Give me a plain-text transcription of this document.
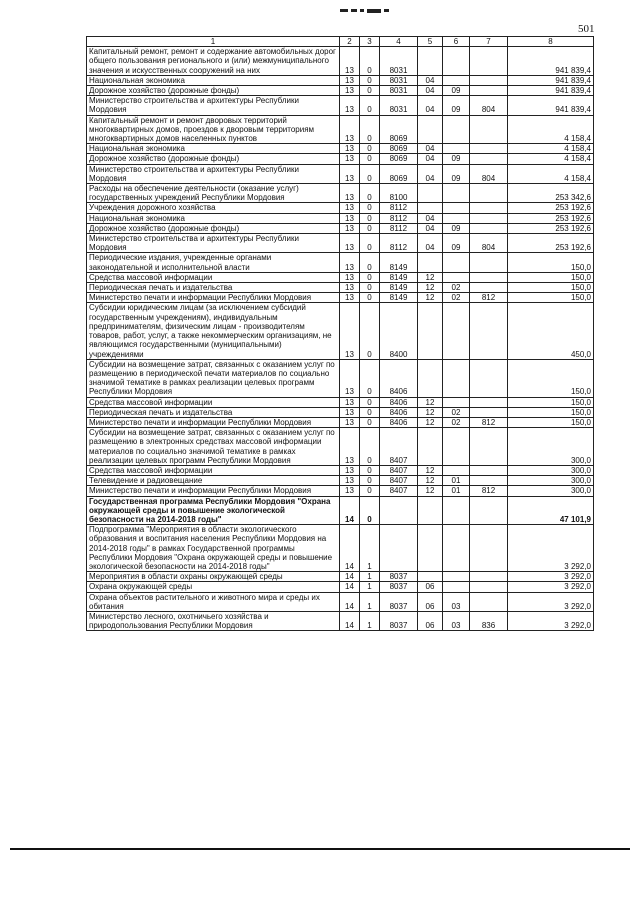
501
1	2	3	4	5	6	7	8
Капитальный ремонт, ремонт и содержание автомобильных дорог общего пользования регионального и (или) межмуниципального значения и искусственных сооружений на них	13	0	8031				941 839,4
Национальная экономика	13	0	8031	04			941 839,4
Дорожное хозяйство (дорожные фонды)	13	0	8031	04	09		941 839,4
Министерство строительства и архитектуры Республики Мордовия	13	0	8031	04	09	804	941 839,4
Капитальный ремонт и ремонт дворовых территорий многоквартирных домов, проездов к дворовым территориям многоквартирных домов населенных пунктов	13	0	8069				4 158,4
Национальная экономика	13	0	8069	04			4 158,4
Дорожное хозяйство (дорожные фонды)	13	0	8069	04	09		4 158,4
Министерство строительства и архитектуры Республики Мордовия	13	0	8069	04	09	804	4 158,4
Расходы на обеспечение деятельности (оказание услуг) государственных учреждений Республики Мордовия	13	0	8100				253 342,6
Учреждения дорожного хозяйства	13	0	8112				253 192,6
Национальная экономика	13	0	8112	04			253 192,6
Дорожное хозяйство (дорожные фонды)	13	0	8112	04	09		253 192,6
Министерство строительства и архитектуры Республики Мордовия	13	0	8112	04	09	804	253 192,6
Периодические издания, учрежденные органами законодательной и исполнительной власти	13	0	8149				150,0
Средства массовой информации	13	0	8149	12			150,0
Периодическая печать и издательства	13	0	8149	12	02		150,0
Министерство печати и информации Республики Мордовия	13	0	8149	12	02	812	150,0
Субсидии юридическим лицам (за исключением субсидий государственным учреждениям), индивидуальным предпринимателям, физическим лицам - производителям товаров, работ, услуг, а также некоммерческим организациям, не являющимся государственными (муниципальными) учреждениями	13	0	8400				450,0
Субсидии на возмещение затрат, связанных с оказанием услуг по размещению в периодической печати материалов по социально значимой тематике в рамках реализации целевых программ Республики Мордовия	13	0	8406				150,0
Средства массовой информации	13	0	8406	12			150,0
Периодическая печать и издательства	13	0	8406	12	02		150,0
Министерство печати и информации Республики Мордовия	13	0	8406	12	02	812	150,0
Субсидии на возмещение затрат, связанных с оказанием услуг по размещению в электронных средствах массовой информации материалов по социально значимой тематике в рамках реализации целевых программ Республики Мордовия	13	0	8407				300,0
Средства массовой информации	13	0	8407	12			300,0
Телевидение и радиовещание	13	0	8407	12	01		300,0
Министерство печати и информации Республики Мордовия	13	0	8407	12	01	812	300,0
Государственная программа Республики Мордовия "Охрана окружающей среды и повышение экологической безопасности на 2014-2018 годы"	14	0					47 101,9
Подпрограмма "Мероприятия в области экологического образования и воспитания населения Республики Мордовия на 2014-2018 годы" в рамках Государственной программы Республики Мордовия "Охрана окружающей среды и повышение экологической безопасности на 2014-2018 годы"	14	1					3 292,0
Мероприятия в области охраны окружающей среды	14	1	8037				3 292,0
Охрана окружающей среды	14	1	8037	06			3 292,0
Охрана объектов растительного и животного мира и среды их обитания	14	1	8037	06	03		3 292,0
Министерство лесного, охотничьего хозяйства и природопользования Республики Мордовия	14	1	8037	06	03	836	3 292,0
